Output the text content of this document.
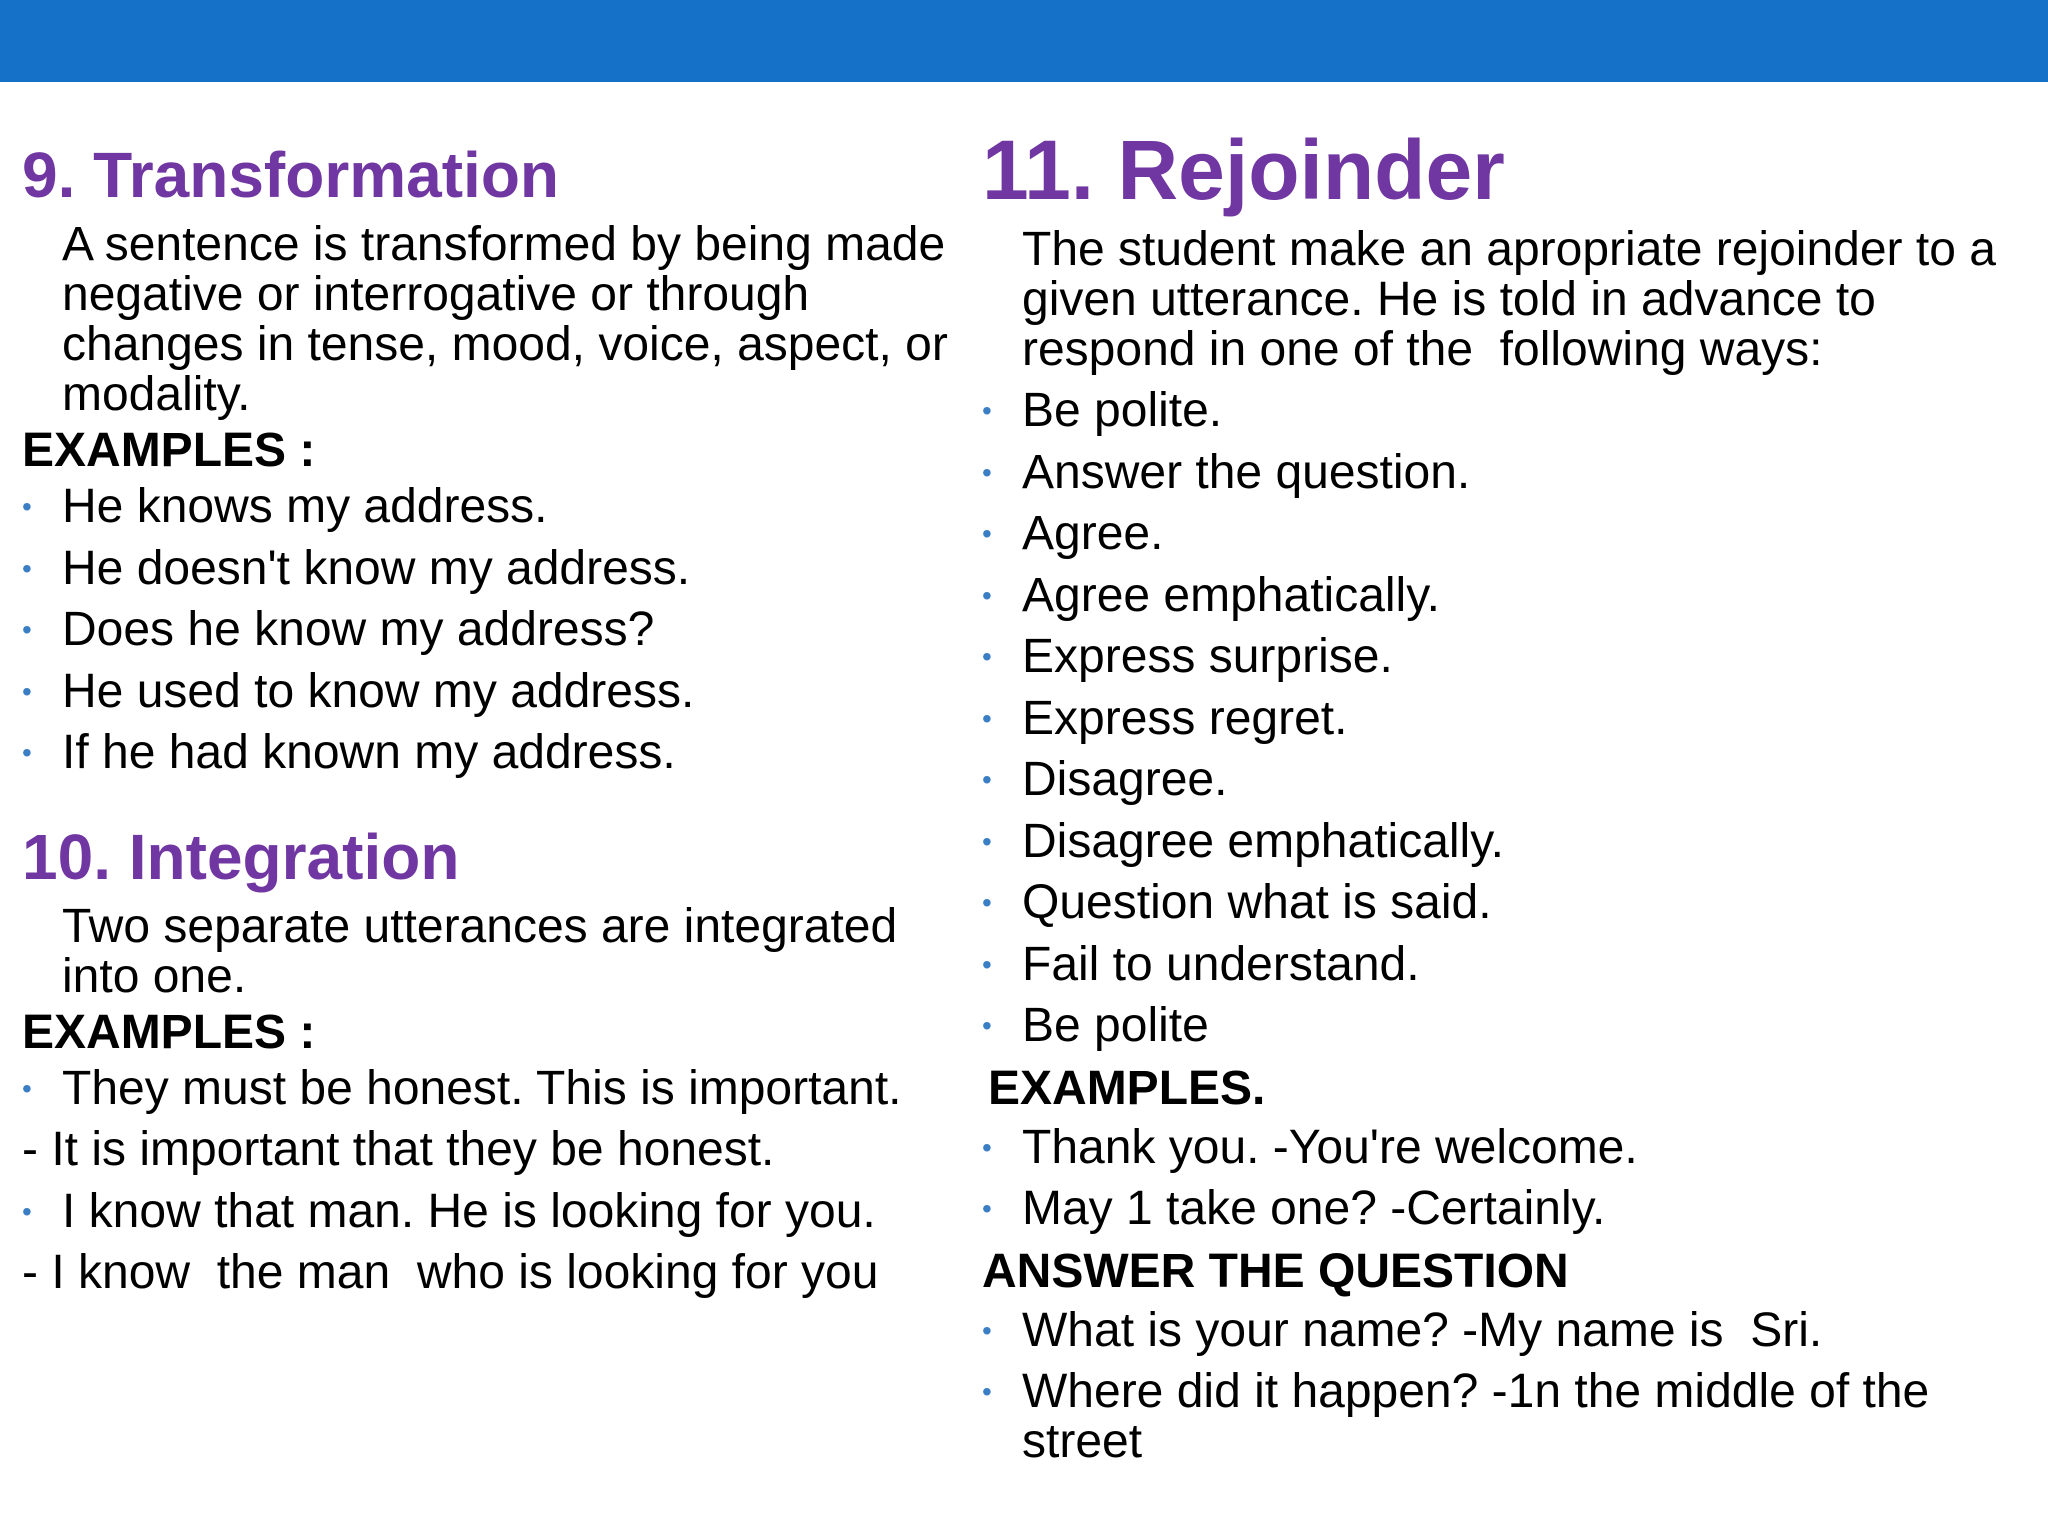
9. Transformation

A sentence is transformed by being made negative or interrogative or through changes in tense, mood, voice, aspect, or modality.

EXAMPLES :

• He knows my address.
• He doesn't know my address.
• Does he know my address?
• He used to know my address.
• If he had known my address.
10. Integration

Two separate utterances are integrated into one.

EXAMPLES :

• They must be honest. This is important.

- It is important that they be honest.

• I know that man. He is looking for you.

- I know  the man  who is looking for you

11. Rejoinder

The student make an apropriate rejoinder to a given utterance. He is told in advance to respond in one of the  following ways:

• Be polite.
• Answer the question.
• Agree.
• Agree emphatically.
• Express surprise.
• Express regret.
• Disagree.
• Disagree emphatically.
• Question what is said.
• Fail to understand.
• Be polite

EXAMPLES.

• Thank you. -You're welcome.
• May 1 take one? -Certainly.

ANSWER THE QUESTION

• What is your name? -My name is  Sri.
• Where did it happen? -1n the middle of the street
